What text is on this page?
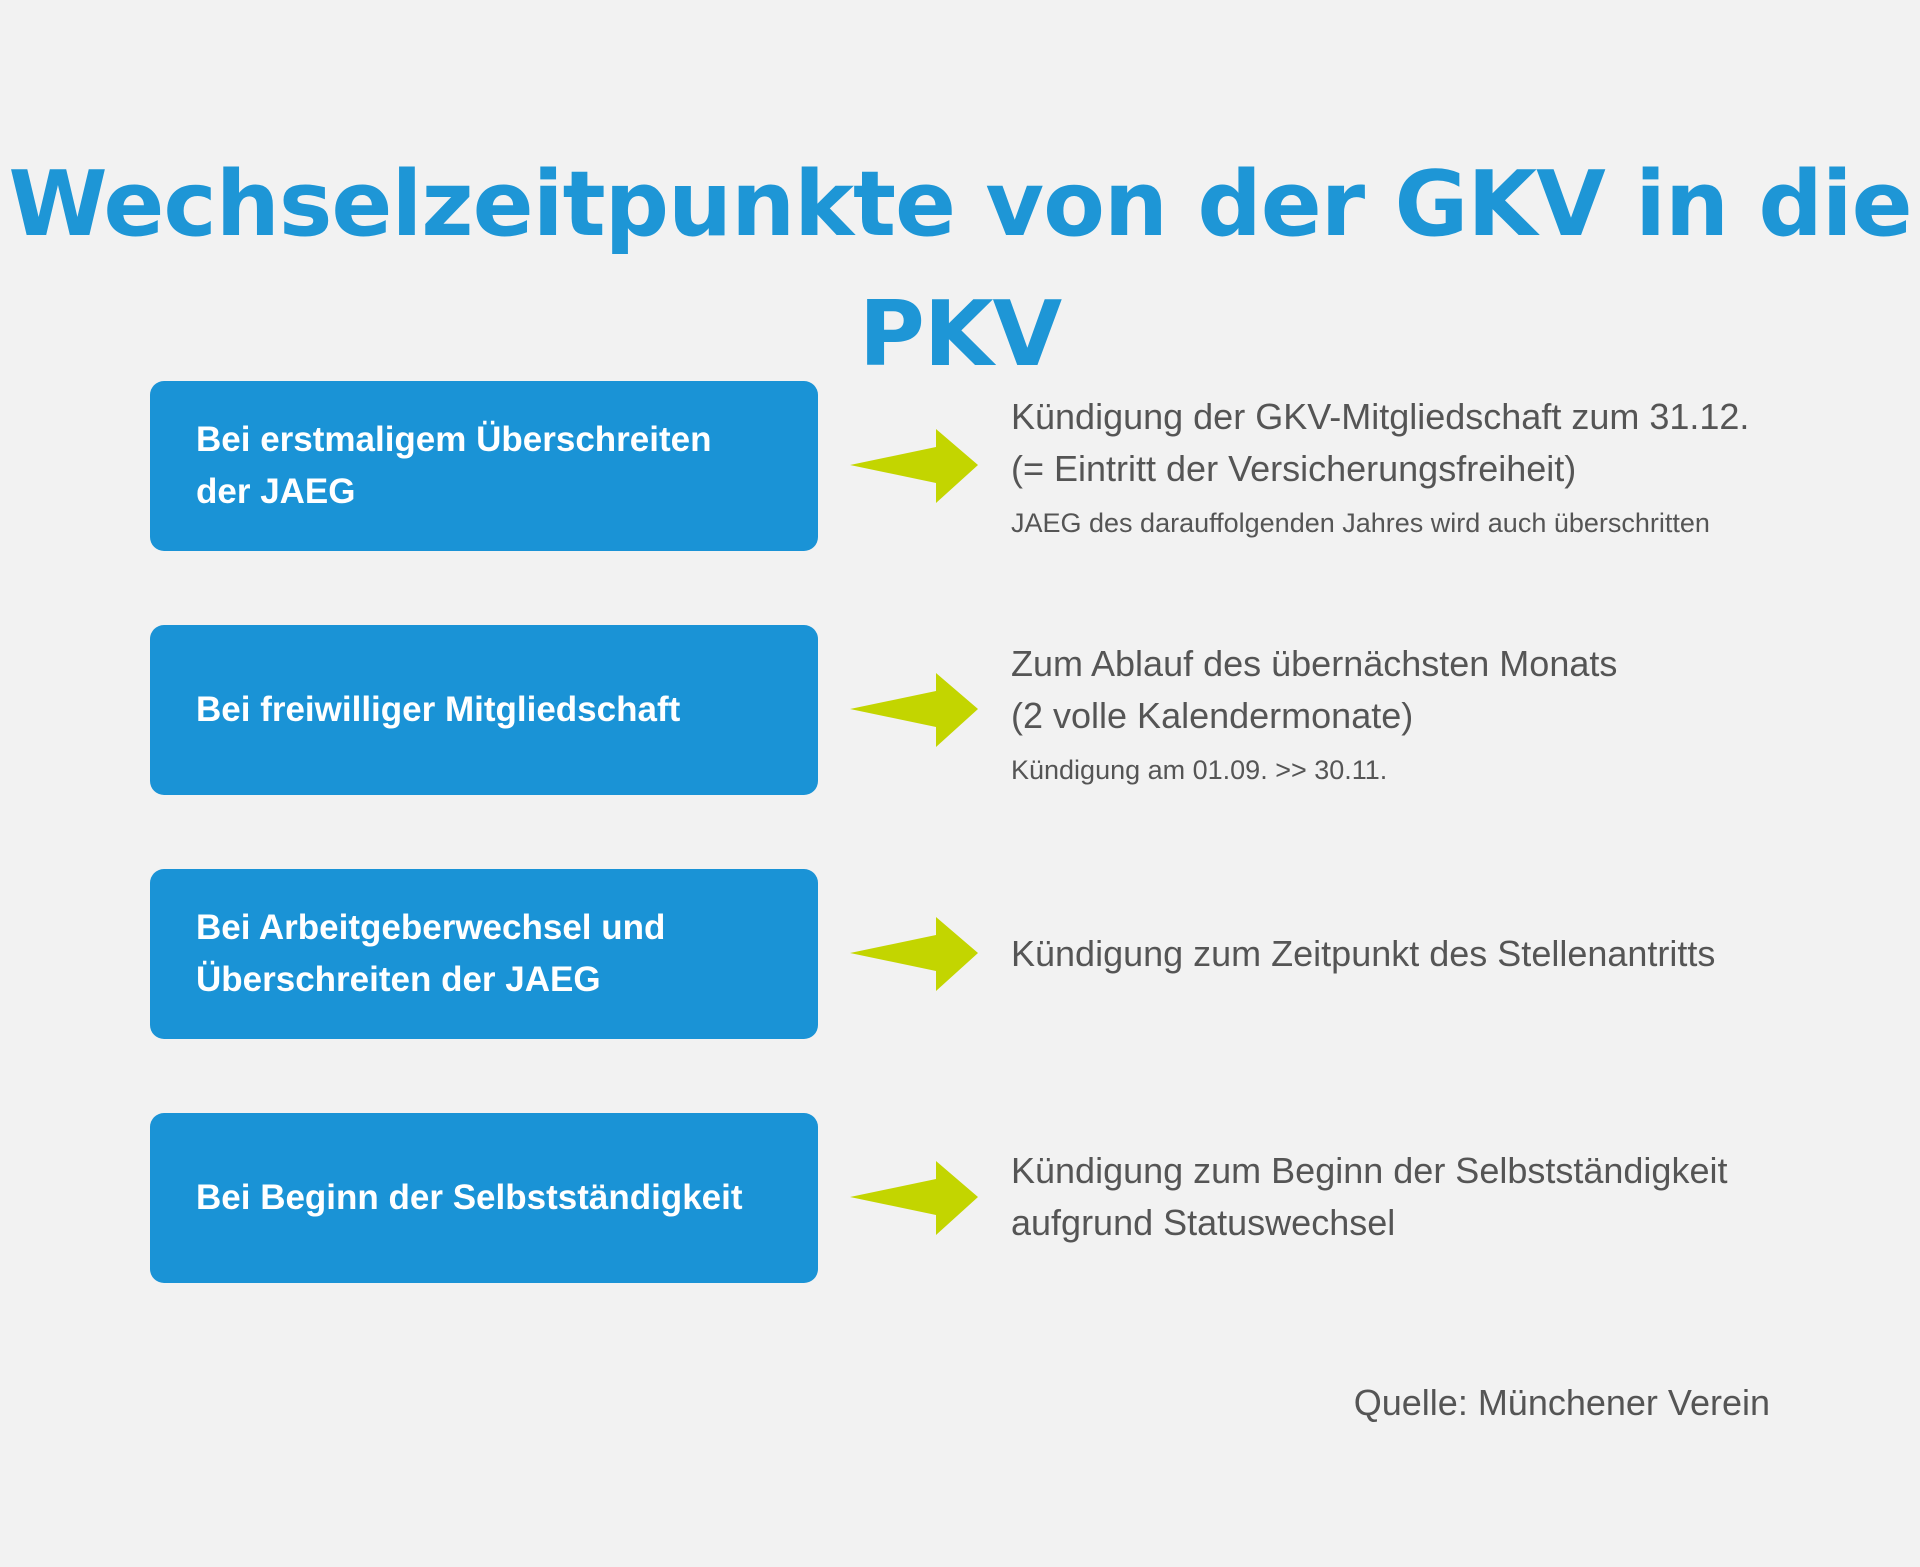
Wechselzeitpunkte von der GKV in die PKV
Bei erstmaligem Überschreiten
der JAEG
Kündigung der GKV-Mitgliedschaft zum 31.12.
(= Eintritt der Versicherungsfreiheit)
JAEG des darauffolgenden Jahres wird auch überschritten
Bei freiwilliger Mitgliedschaft
Zum Ablauf des übernächsten Monats
(2 volle Kalendermonate)
Kündigung am 01.09. >> 30.11.
Bei Arbeitgeberwechsel und
Überschreiten der JAEG
Kündigung zum Zeitpunkt des Stellenantritts
Bei Beginn der Selbstständigkeit
Kündigung zum Beginn der Selbstständigkeit
aufgrund Statuswechsel
Quelle: Münchener Verein
